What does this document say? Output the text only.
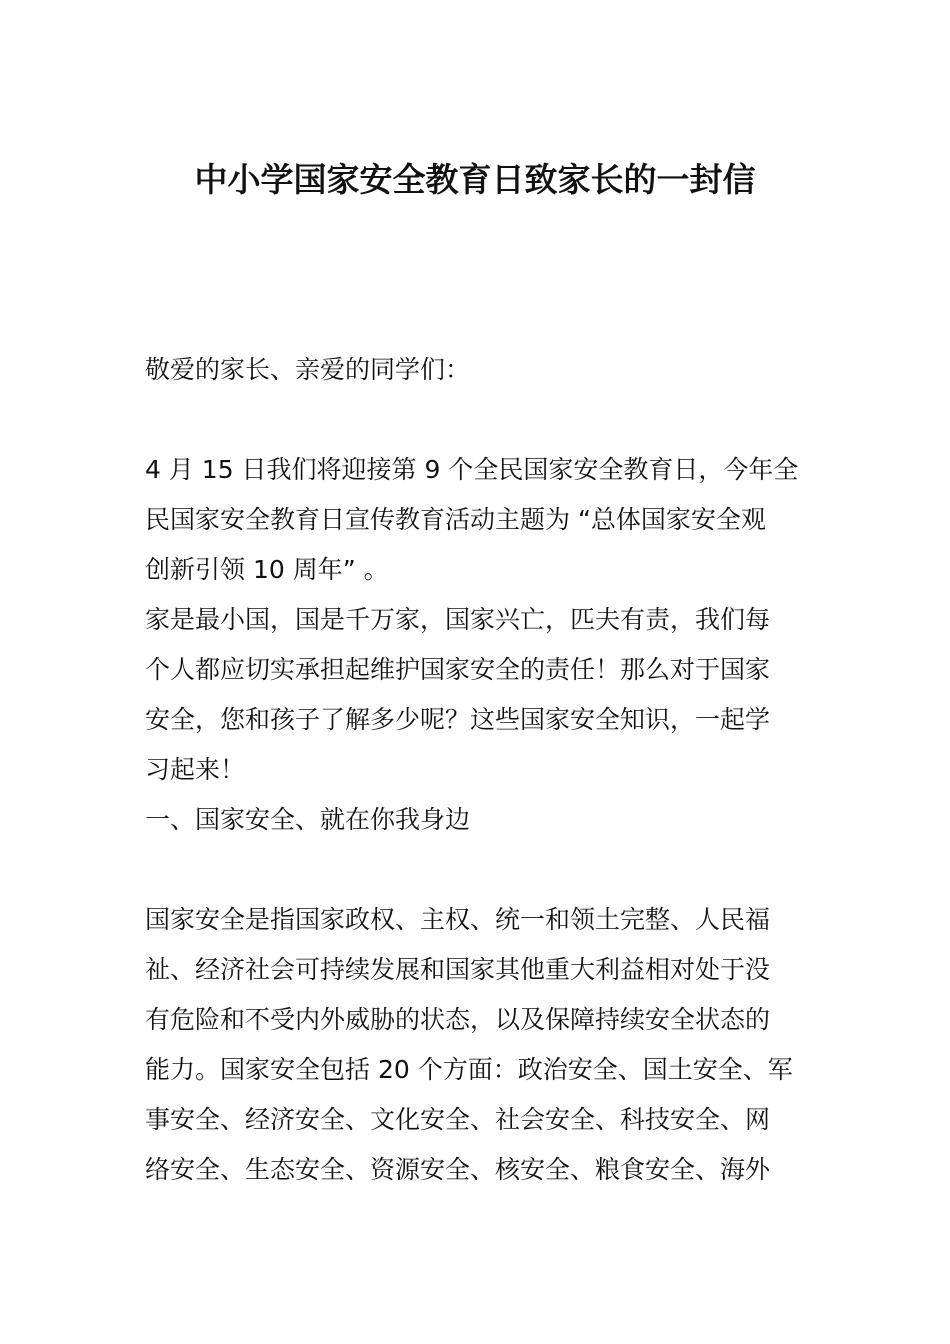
中小学国家安全教育日致家长的一封信
敬爱的家长、亲爱的同学们：
4 月 15 日我们将迎接第 9 个全民国家安全教育日，今年全
民国家安全教育日宣传教育活动主题为 “总体国家安全观
创新引领 10 周年” 。
家是最小国，国是千万家，国家兴亡，匹夫有责，我们每
个人都应切实承担起维护国家安全的责任！那么对于国家
安全，您和孩子了解多少呢？这些国家安全知识，一起学
习起来！
一、国家安全、就在你我身边
国家安全是指国家政权、主权、统一和领土完整、人民福
祉、经济社会可持续发展和国家其他重大利益相对处于没
有危险和不受内外威胁的状态，以及保障持续安全状态的
能力。国家安全包括 20 个方面：政治安全、国土安全、军
事安全、经济安全、文化安全、社会安全、科技安全、网
络安全、生态安全、资源安全、核安全、粮食安全、海外
